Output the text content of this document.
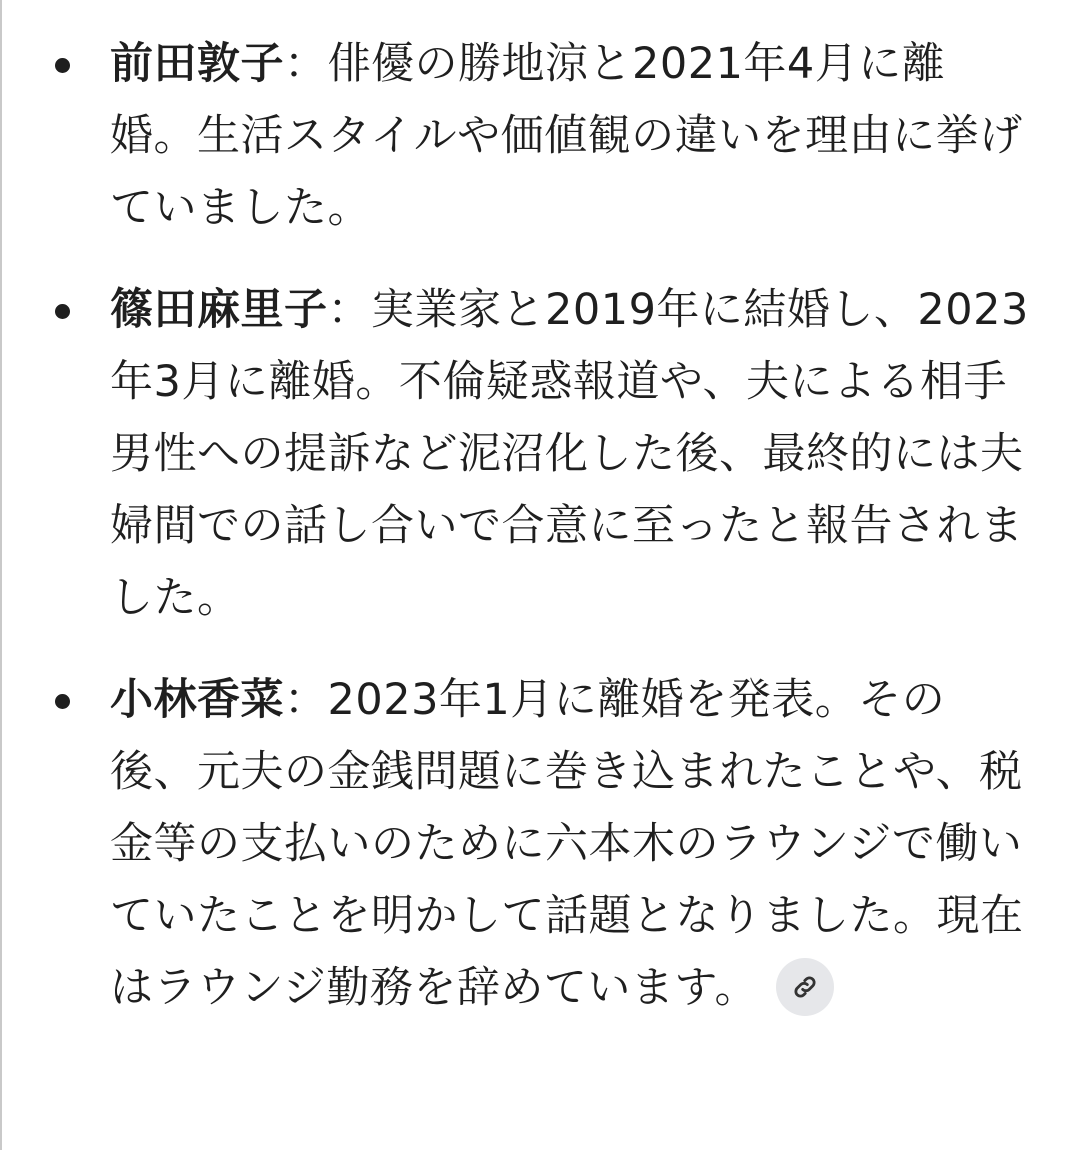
前田敦子：俳優の勝地涼と2021年4月に離婚。生活スタイルや価値観の違いを理由に挙げていました。
篠田麻里子：実業家と2019年に結婚し、2023年3月に離婚。不倫疑惑報道や、夫による相手男性への提訴など泥沼化した後、最終的には夫婦間での話し合いで合意に至ったと報告されました。
小林香菜：2023年1月に離婚を発表。その後、元夫の金銭問題に巻き込まれたことや、税金等の支払いのために六本木のラウンジで働いていたことを明かして話題となりました。現在はラウンジ勤務を辞めています。
